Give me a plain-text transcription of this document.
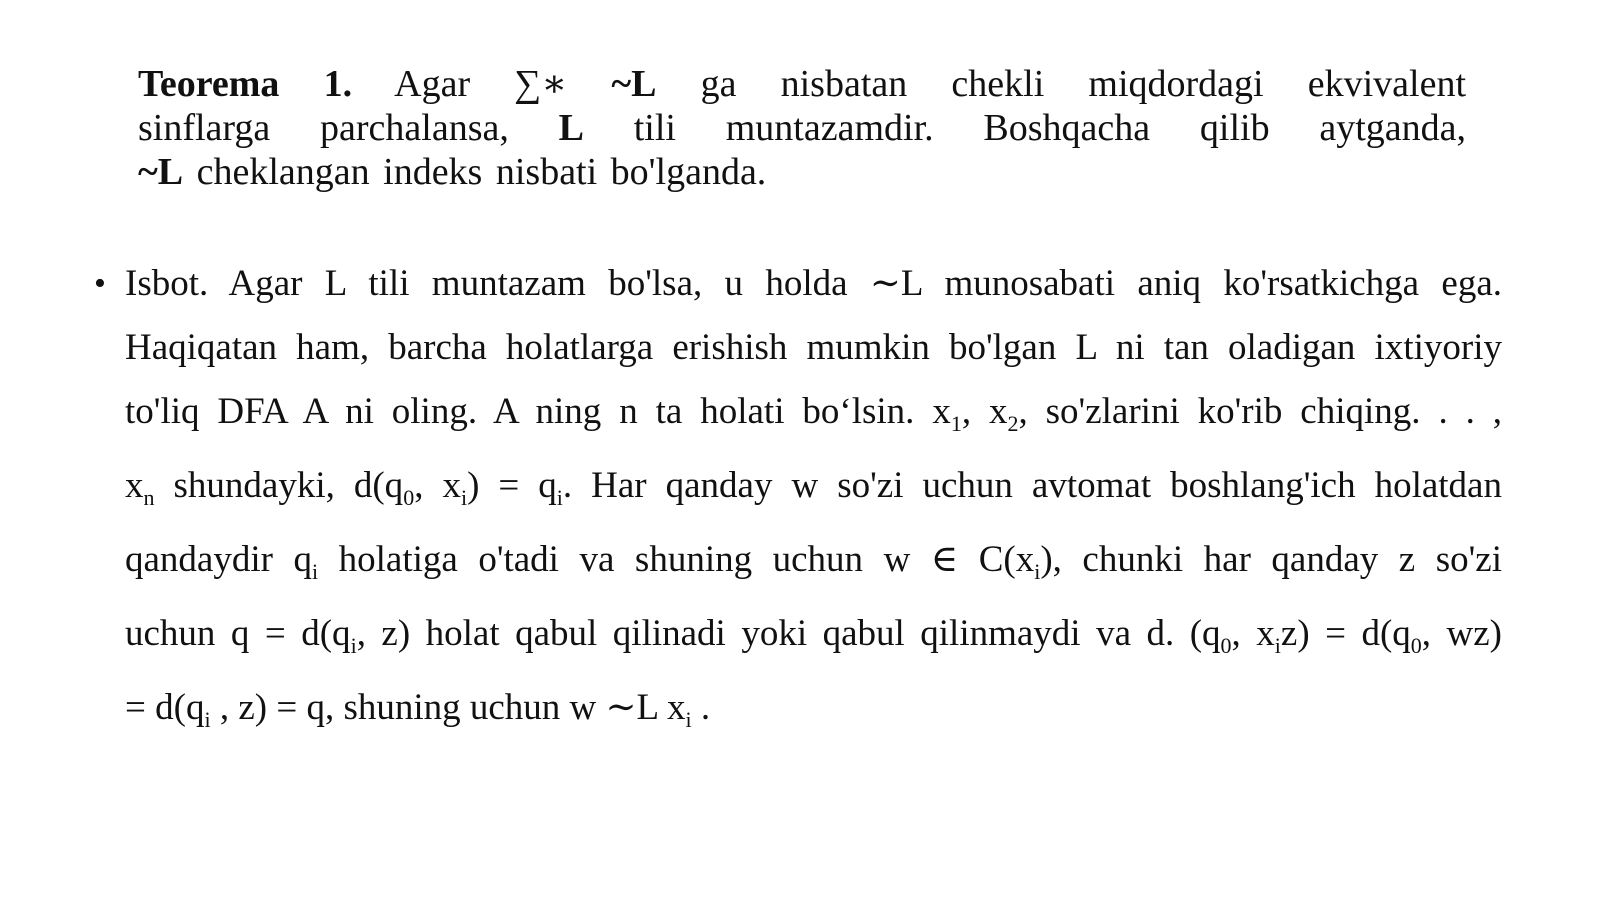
Teorema 1. Agar ∑∗ ~L ga nisbatan chekli miqdordagi ekvivalent
sinflarga parchalansa, L tili muntazamdir. Boshqacha qilib aytganda,
~L cheklangan indeks nisbati bo'lganda.
• Isbot. Agar L tili muntazam bo'lsa, u holda ∼L munosabati aniq ko'rsatkichga ega.
Haqiqatan ham, barcha holatlarga erishish mumkin bo'lgan L ni tan oladigan ixtiyoriy
to'liq DFA A ni oling. A ning n ta holati bo‘lsin. $x_1$, $x_2$, so'zlarini ko'rib chiqing. . . ,
$x_n$ shundayki, $d(q_0$, $x_i) = q_i$. Har qanday w so'zi uchun avtomat boshlang'ich holatdan
qandaydir $q_i$ holatiga o'tadi va shuning uchun w ∈ $C(x_i)$, chunki har qanday z so'zi
uchun $q = d(q_i$, z) holat qabul qilinadi yoki qabul qilinmaydi va d. ($q_0$, $x_iz) = d(q_0$, wz)
= $d(q_i$ , z) = q, shuning uchun w ∼L $x_i$ .
